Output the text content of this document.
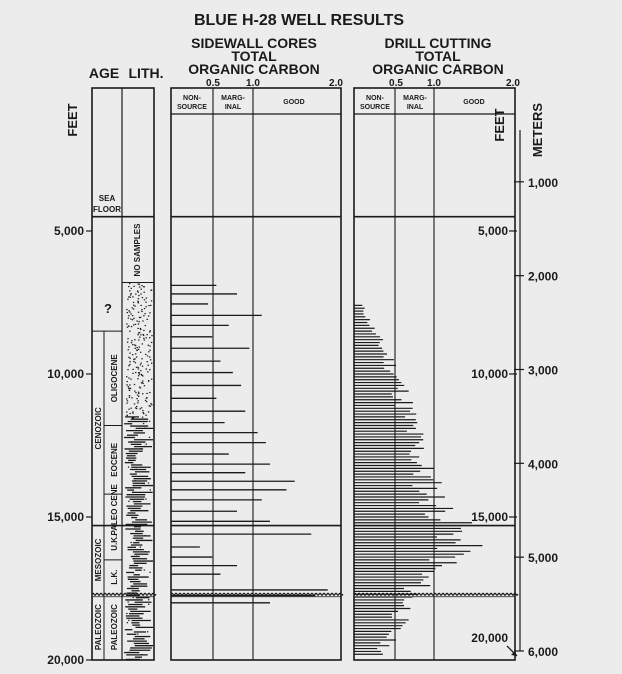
BLUE H-28 WELL RESULTS
AGE LITH.
SIDEWALL CORES
TOTAL
ORGANIC CARBON
DRILL CUTTING
TOTAL
ORGANIC CARBON
0.5	1.0	2.0	0.5 1.0	2.0
NON-
SOURCE
MARG-
INAL
GOOD
NON-
SOURCE
MARG-
INAL
GOOD
SEA
FLOOR
NO SAMPLES
?
FEET	FEET METERS
CENOZOIC
MESOZOIC
PALEOZOIC
OLIGOCENE
EOCENE
PALEO CENE
U.K.
L.K.
PALEOZOIC
5,000
10,000
15,000
20,000
5,000
10,000
15,000
20,000
1,000
2,000
3,000
4,000
5,000
6,000
